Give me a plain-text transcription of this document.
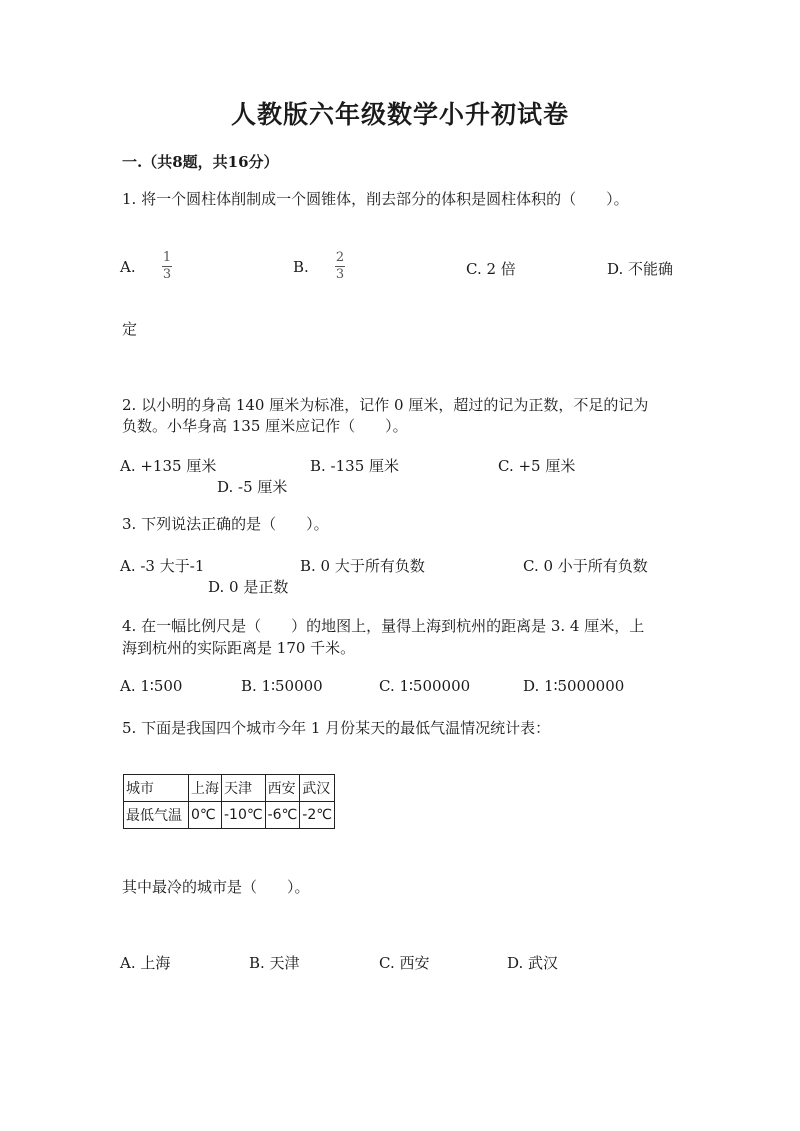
人教版六年级数学小升初试卷
一.（共8题，共16分）
1. 将一个圆柱体削制成一个圆锥体，削去部分的体积是圆柱体积的（　　）。
A.
1
3	B.
2
3	C. 2 倍	D. 不能确
定
2. 以小明的身高 140 厘米为标准，记作 0 厘米，超过的记为正数，不足的记为
负数。小华身高 135 厘米应记作（　　）。
A. +135 厘米	B. -135 厘米	C. +5 厘米
D. -5 厘米
3. 下列说法正确的是（　　）。
A. -3 大于-1	B. 0 大于所有负数	C. 0 小于所有负数
D. 0 是正数
4. 在一幅比例尺是（　　）的地图上，量得上海到杭州的距离是 3. 4 厘米，上
海到杭州的实际距离是 170 千米。
A. 1∶500	B. 1∶50000	C. 1∶500000	D. 1∶5000000
5. 下面是我国四个城市今年 1 月份某天的最低气温情况统计表：
城市	上海	天津	西安	武汉
最低气温	0℃	-10℃	-6℃	-2℃
其中最冷的城市是（　　）。
A. 上海	B. 天津	C. 西安	D. 武汉
